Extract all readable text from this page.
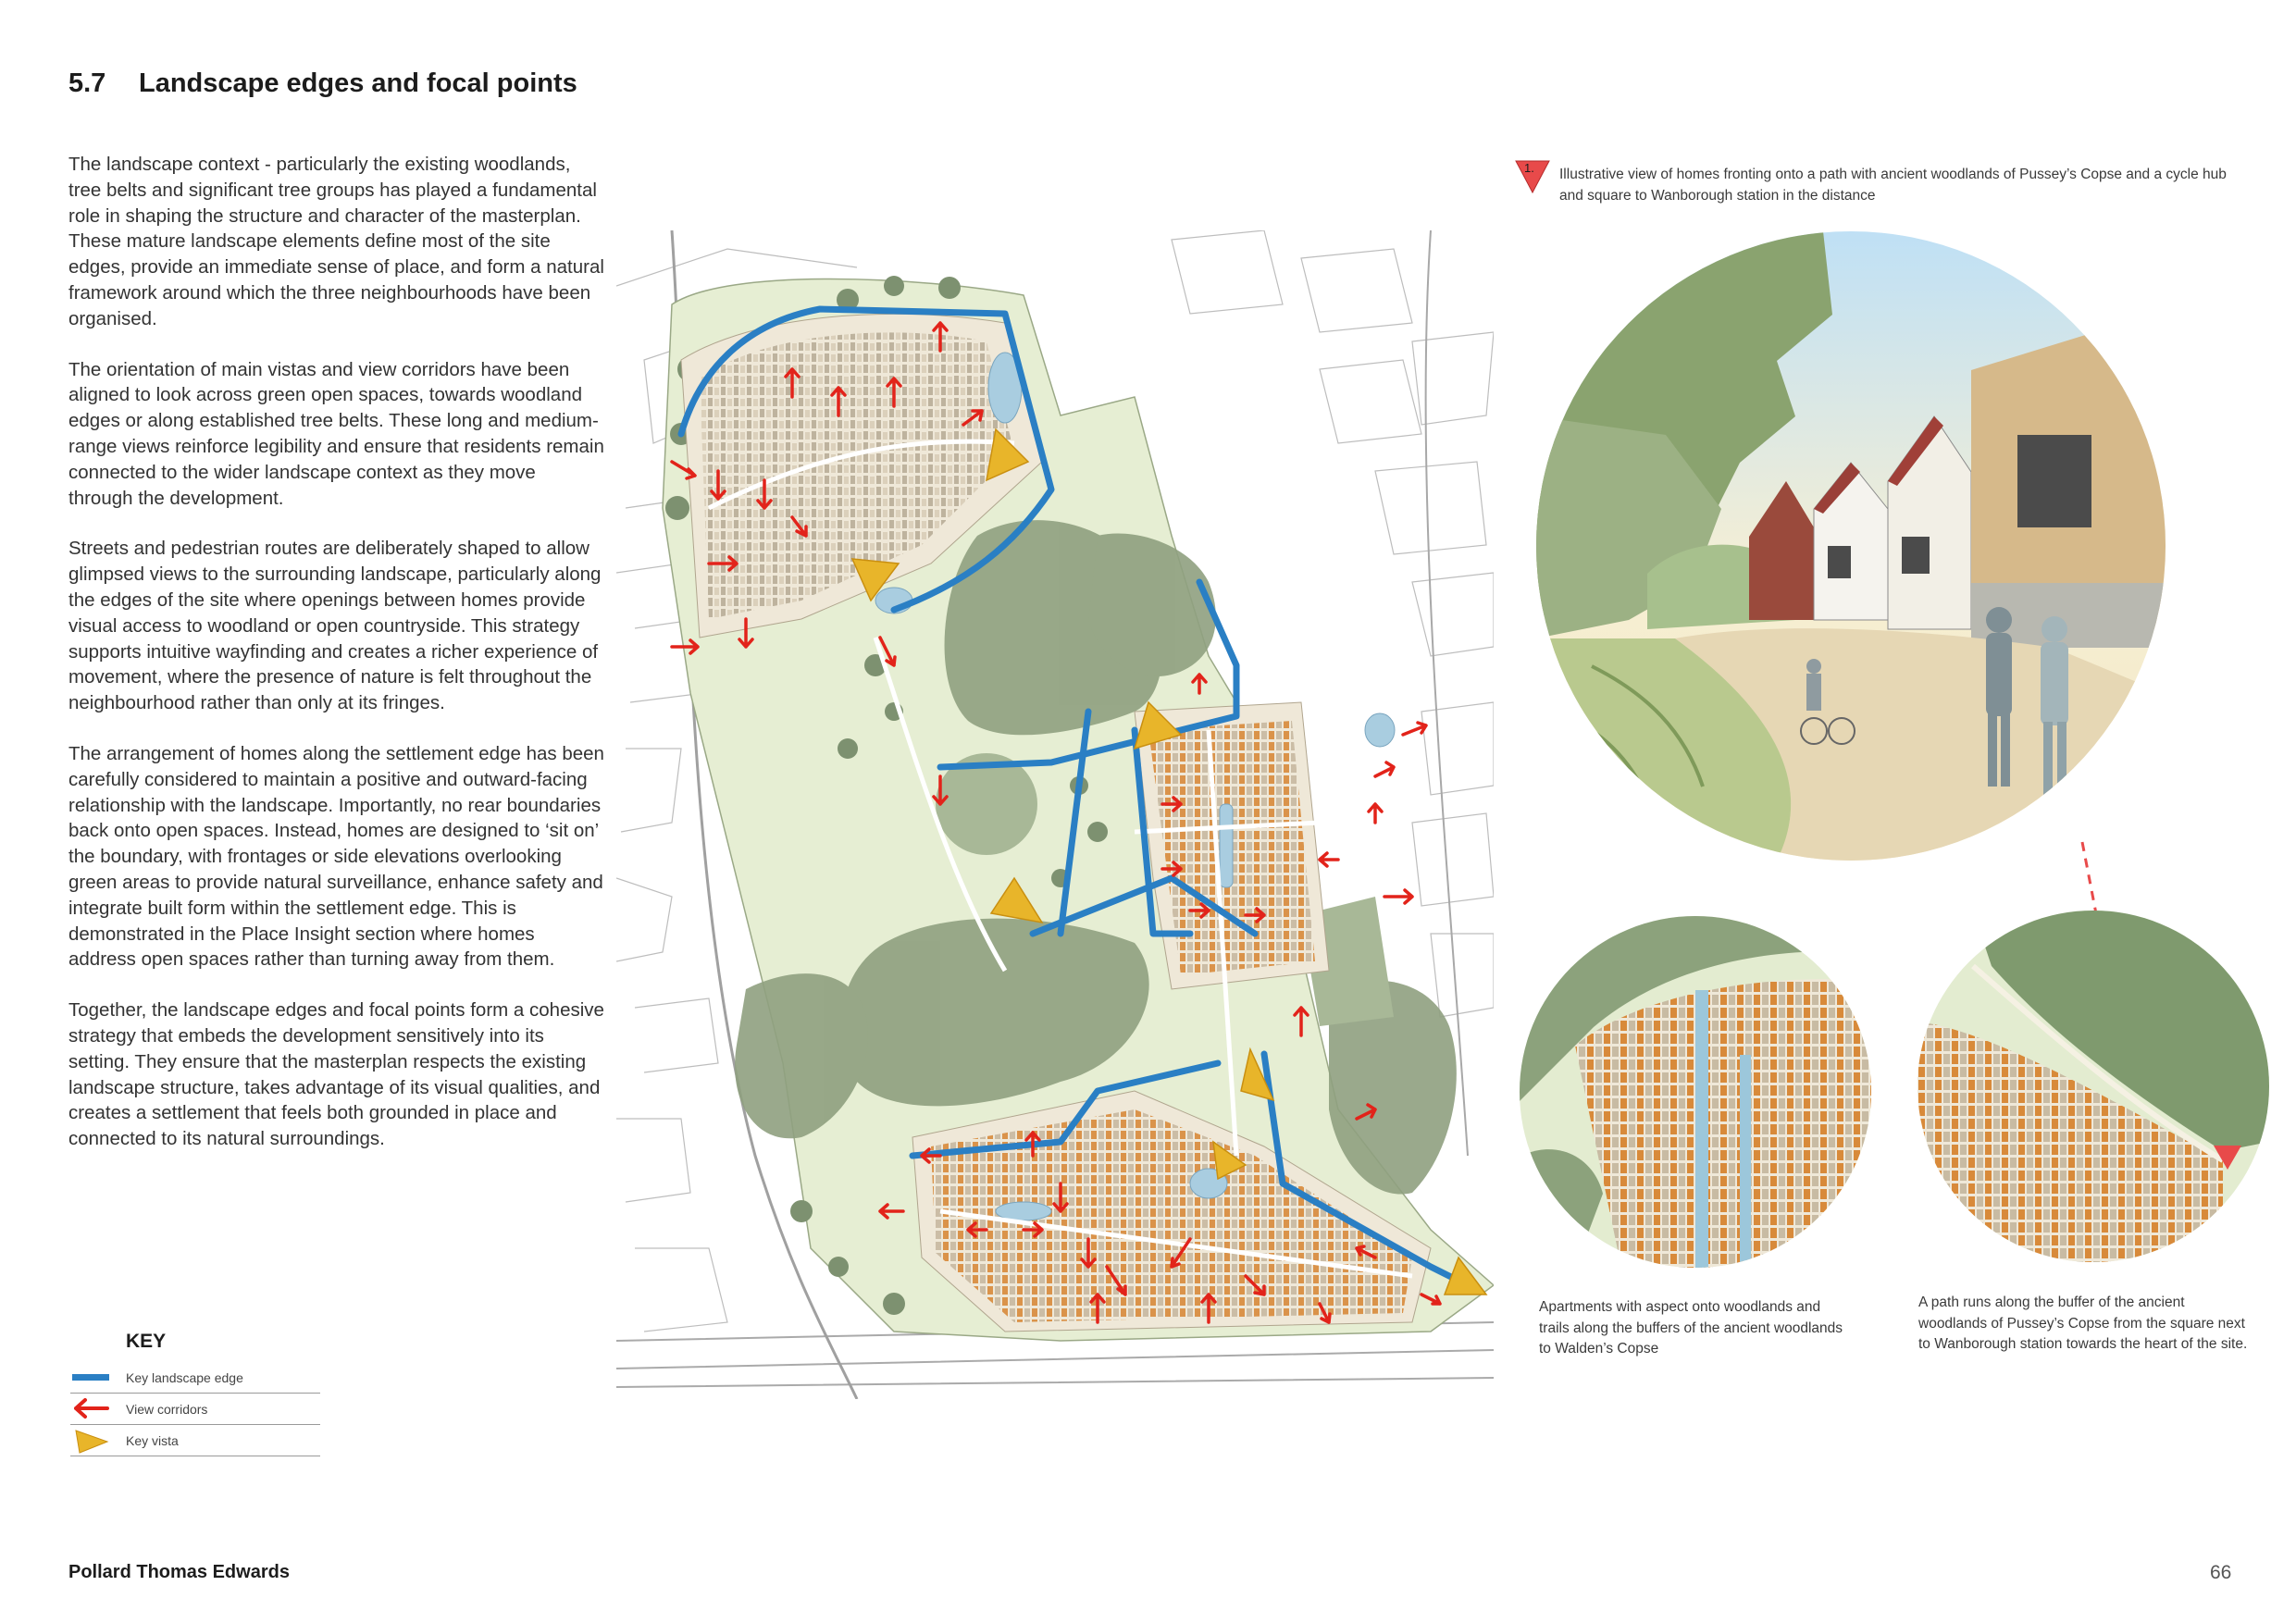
5.7 Landscape edges and focal points

The landscape context - particularly the existing woodlands, tree belts and significant tree groups has played a fundamental role in shaping the structure and character of the masterplan. These mature landscape elements define most of the site edges, provide an immediate sense of place, and form a natural framework around which the three neighbourhoods have been organised.

The orientation of main vistas and view corridors have been aligned to look across green open spaces, towards woodland edges or along established tree belts. These long and medium-range views reinforce legibility and ensure that residents remain connected to the wider landscape context as they move through the development.

Streets and pedestrian routes are deliberately shaped to allow glimpsed views to the surrounding landscape, particularly along the edges of the site where openings between homes provide visual access to woodland or open countryside. This strategy supports intuitive wayfinding and creates a richer experience of movement, where the presence of nature is felt throughout the neighbourhood rather than only at its fringes.

The arrangement of homes along the settlement edge has been carefully considered to maintain a positive and outward-facing relationship with the landscape. Importantly, no rear boundaries back onto open spaces. Instead, homes are designed to ‘sit on’ the boundary, with frontages or side elevations overlooking green areas to provide natural surveillance, enhance safety and integrate built form within the settlement edge. This is demonstrated in the Place Insight section where homes address open spaces rather than turning away from them.

Together, the landscape edges and focal points form a cohesive strategy that embeds the development sensitively into its setting. They ensure that the masterplan respects the existing landscape structure, takes advantage of its visual qualities, and creates a settlement that feels both grounded in place and connected to its natural surroundings.

1. Illustrative view of homes fronting onto a path with ancient woodlands of Pussey’s Copse and a cycle hub and square to Wanborough station in the distance
Apartments with aspect onto woodlands and trails along the buffers of the ancient woodlands to Walden’s Copse
A path runs along the buffer of the ancient woodlands of Pussey’s Copse from the square next to Wanborough station towards the heart of the site.
KEY
Key landscape edge
View corridors
Key vista
Pollard Thomas Edwards	66
